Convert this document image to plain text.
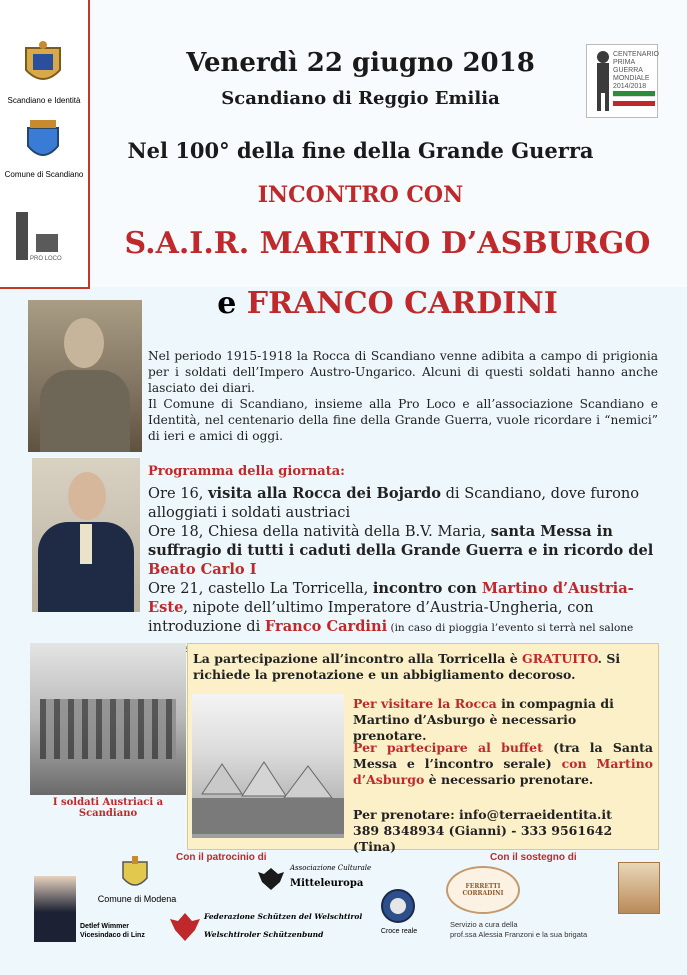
Scandiano e Identità
Comune di Scandiano
PRO LOCO
Venerdì 22 giugno 2018
Scandiano di Reggio Emilia
Nel 100° della fine della Grande Guerra
INCONTRO CON
S.A.I.R. MARTINO D’ASBURGO
e FRANCO CARDINI
CENTENARIO
PRIMA GUERRA
MONDIALE
2014/2018

Nel periodo 1915-1918 la Rocca di Scandiano venne adibita a campo di prigionia per i soldati dell’Impero Austro-Ungarico. Alcuni di questi soldati hanno anche lasciato dei diari.

Il Comune di Scandiano, insieme alla Pro Loco e all’associazione Scandiano e Identità, nel centenario della fine della Grande Guerra, vuole ricordare i “nemici” di ieri e amici di oggi.

Programma della giornata:

Ore 16, visita alla Rocca dei Bojardo di Scandiano, dove furono alloggiati i soldati austriaci

Ore 18, Chiesa della natività della B.V. Maria, santa Messa in suffragio di tutti i caduti della Grande Guerra e in ricordo del Beato Carlo I

Ore 21, castello La Torricella, incontro con Martino d’Austria-Este, nipote dell’ultimo Imperatore d’Austria-Ungheria, con introduzione di Franco Cardini (in caso di pioggia l’evento si terrà nel salone

I soldati Austriaci a Scandiano
La partecipazione all’incontro alla Torricella è GRATUITO. Si richiede la prenotazione e un abbigliamento decoroso.
Per visitare la Rocca in compagnia di Martino d’Asburgo è necessario prenotare.
Per partecipare al buffet (tra la Santa Messa e l’incontro serale) con Martino d’Asburgo è necessario prenotare.

Per prenotare: info@terraeidentita.it

389 8348934 (Gianni) - 333 9561642 (Tina)

Con il patrocinio di	Con il sostegno di
Detlef Wimmer
Vicesindaco di Linz
Comune di Modena
Associazione Culturale
Mitteleuropa
Federazione Schützen del Welschtirol
Welschtiroler Schützenbund	Croce reale
FERRETTI CORRADINI
Servizio a cura della
prof.ssa Alessia Franzoni e la sua brigata
